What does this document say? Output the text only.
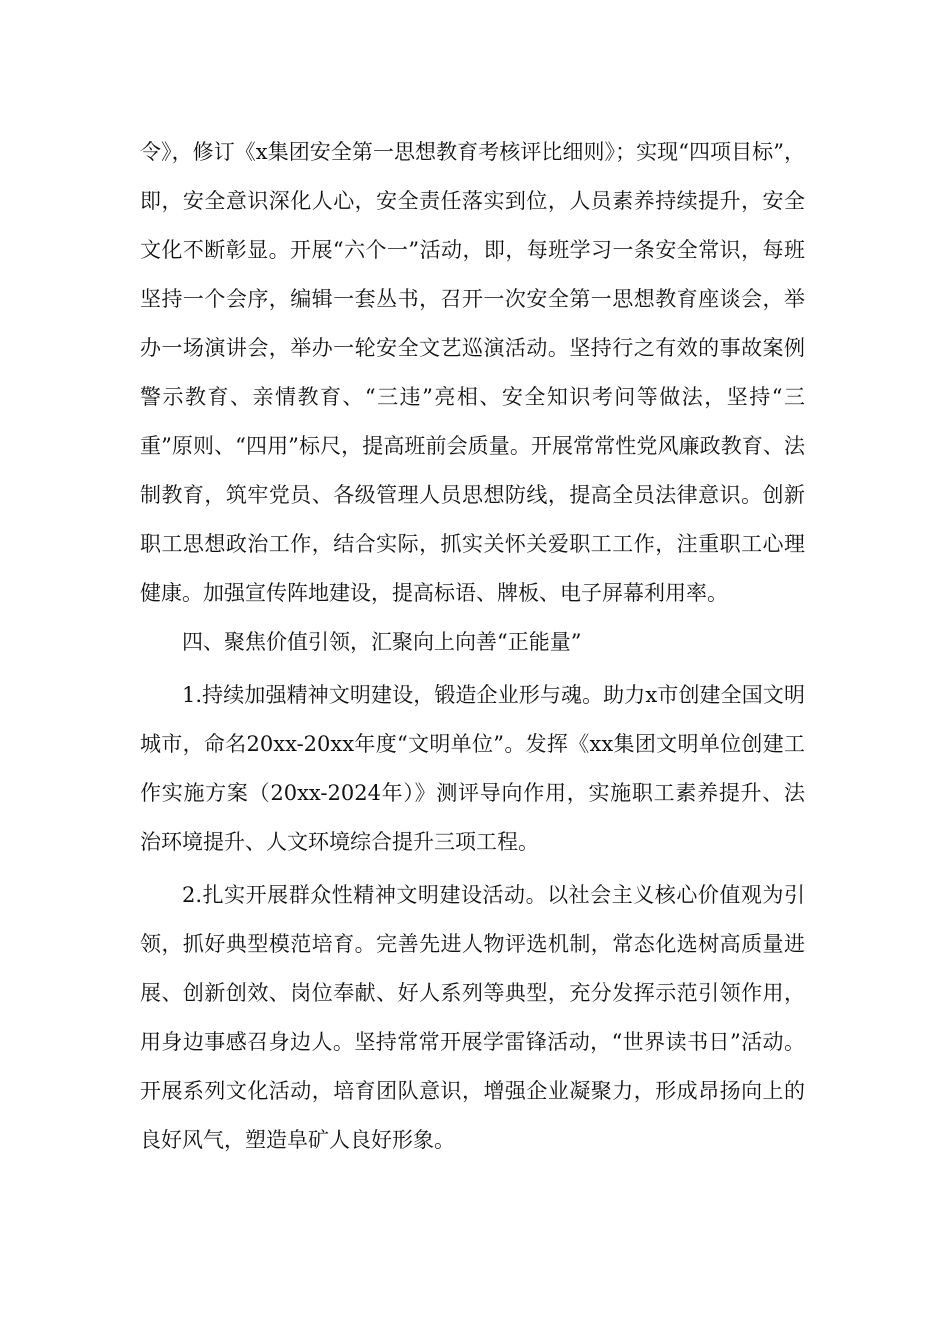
令》，修订《x集团安全第一思想教育考核评比细则》；实现“四项目标”，即，安全意识深化人心，安全责任落实到位，人员素养持续提升，安全文化不断彰显。开展“六个一”活动，即，每班学习一条安全常识，每班坚持一个会序，编辑一套丛书，召开一次安全第一思想教育座谈会，举办一场演讲会，举办一轮安全文艺巡演活动。坚持行之有效的事故案例警示教育、亲情教育、“三违”亮相、安全知识考问等做法，坚持“三重”原则、“四用”标尺，提高班前会质量。开展常常性党风廉政教育、法制教育，筑牢党员、各级管理人员思想防线，提高全员法律意识。创新职工思想政治工作，结合实际，抓实关怀关爱职工工作，注重职工心理健康。加强宣传阵地建设，提高标语、牌板、电子屏幕利用率。

四、聚焦价值引领，汇聚向上向善“正能量”

1.持续加强精神文明建设，锻造企业形与魂。助力x市创建全国文明城市，命名20xx-20xx年度“文明单位”。发挥《xx集团文明单位创建工作实施方案（20xx-2024年）》测评导向作用，实施职工素养提升、法治环境提升、人文环境综合提升三项工程。

2.扎实开展群众性精神文明建设活动。以社会主义核心价值观为引领，抓好典型模范培育。完善先进人物评选机制，常态化选树高质量进展、创新创效、岗位奉献、好人系列等典型，充分发挥示范引领作用，用身边事感召身边人。坚持常常开展学雷锋活动，“世界读书日”活动。开展系列文化活动，培育团队意识，增强企业凝聚力，形成昂扬向上的良好风气，塑造阜矿人良好形象。
